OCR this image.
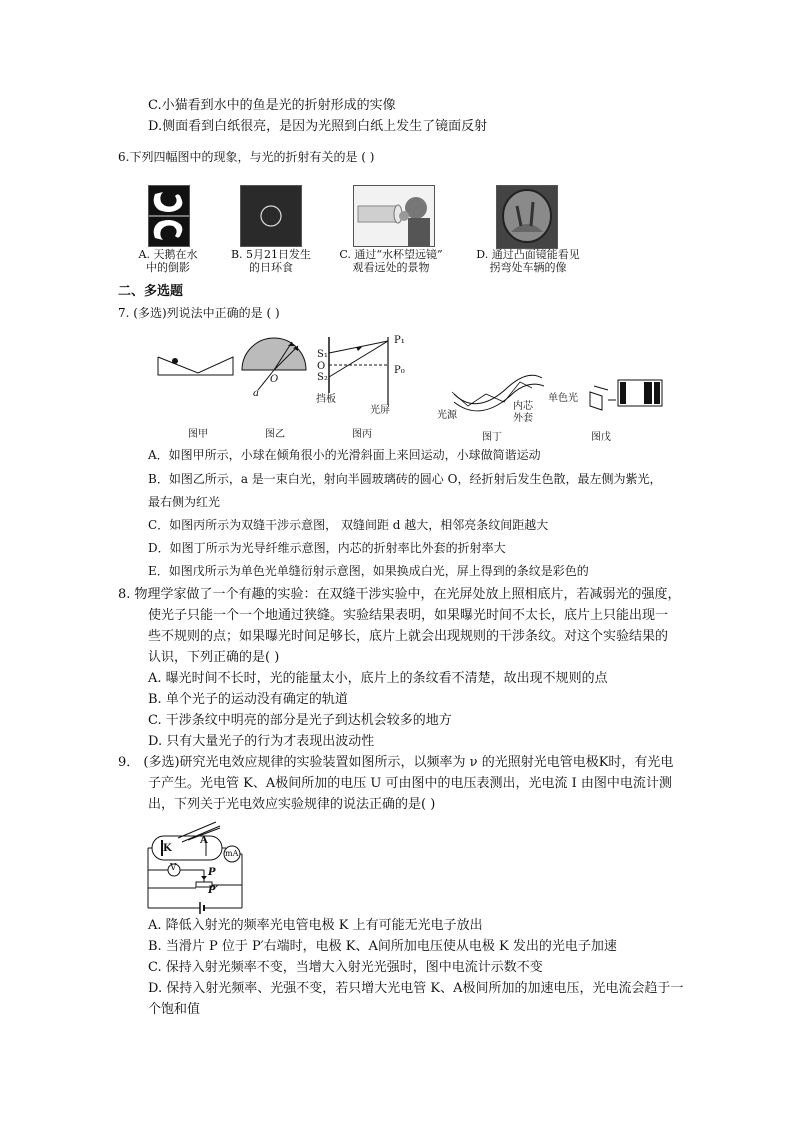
C.小猫看到水中的鱼是光的折射形成的实像
D.侧面看到白纸很亮，是因为光照到白纸上发生了镜面反射
6.下列四幅图中的现象，与光的折射有关的是 ( )
A. 天鹅在水
中的倒影
B. 5月21日发生
的日环食
C. 通过“水杯望远镜”
观看远处的景物
D. 通过凸面镜能看见
拐弯处车辆的像
二、多选题
7. (多选)列说法中正确的是 ( )
图甲
O
a
图乙
S₁
O
S₂
P₁
P₀
挡板
光屏
图丙
光源
内芯
外套
图丁
单色光
图戊
A．如图甲所示，小球在倾角很小的光滑斜面上来回运动，小球做简谐运动
B．如图乙所示，a 是一束白光，射向半圆玻璃砖的圆心 O，经折射后发生色散，最左侧为紫光，
最右侧为红光
C．如图丙所示为双缝干涉示意图， 双缝间距 d 越大，相邻亮条纹间距越大
D．如图丁所示为光导纤维示意图，内芯的折射率比外套的折射率大
E．如图戊所示为单色光单缝衍射示意图，如果换成白光，屏上得到的条纹是彩色的
8. 物理学家做了一个有趣的实验：在双缝干涉实验中，在光屏处放上照相底片，若减弱光的强度，
使光子只能一个一个地通过狭缝。实验结果表明，如果曝光时间不太长，底片上只能出现一
些不规则的点；如果曝光时间足够长，底片上就会出现规则的干涉条纹。对这个实验结果的
认识，下列正确的是( )
A. 曝光时间不长时，光的能量太小，底片上的条纹看不清楚，故出现不规则的点
B. 单个光子的运动没有确定的轨道
C. 干涉条纹中明亮的部分是光子到达机会较多的地方
D. 只有大量光子的行为才表现出波动性
9． (多选)研究光电效应规律的实验装置如图所示，以频率为 ν 的光照射光电管电极K时，有光电
子产生。光电管 K、A极间所加的电压 U 可由图中的电压表测出，光电流 I 由图中电流计测
出，下列关于光电效应实验规律的说法正确的是( )
K
A
mA
V	P
P′
A. 降低入射光的频率光电管电极 K 上有可能无光电子放出
B. 当滑片 P 位于 P′右端时，电极 K、A间所加电压使从电极 K 发出的光电子加速
C. 保持入射光频率不变，当增大入射光光强时，图中电流计示数不变
D. 保持入射光频率、光强不变，若只增大光电管 K、A极间所加的加速电压，光电流会趋于一
个饱和值
